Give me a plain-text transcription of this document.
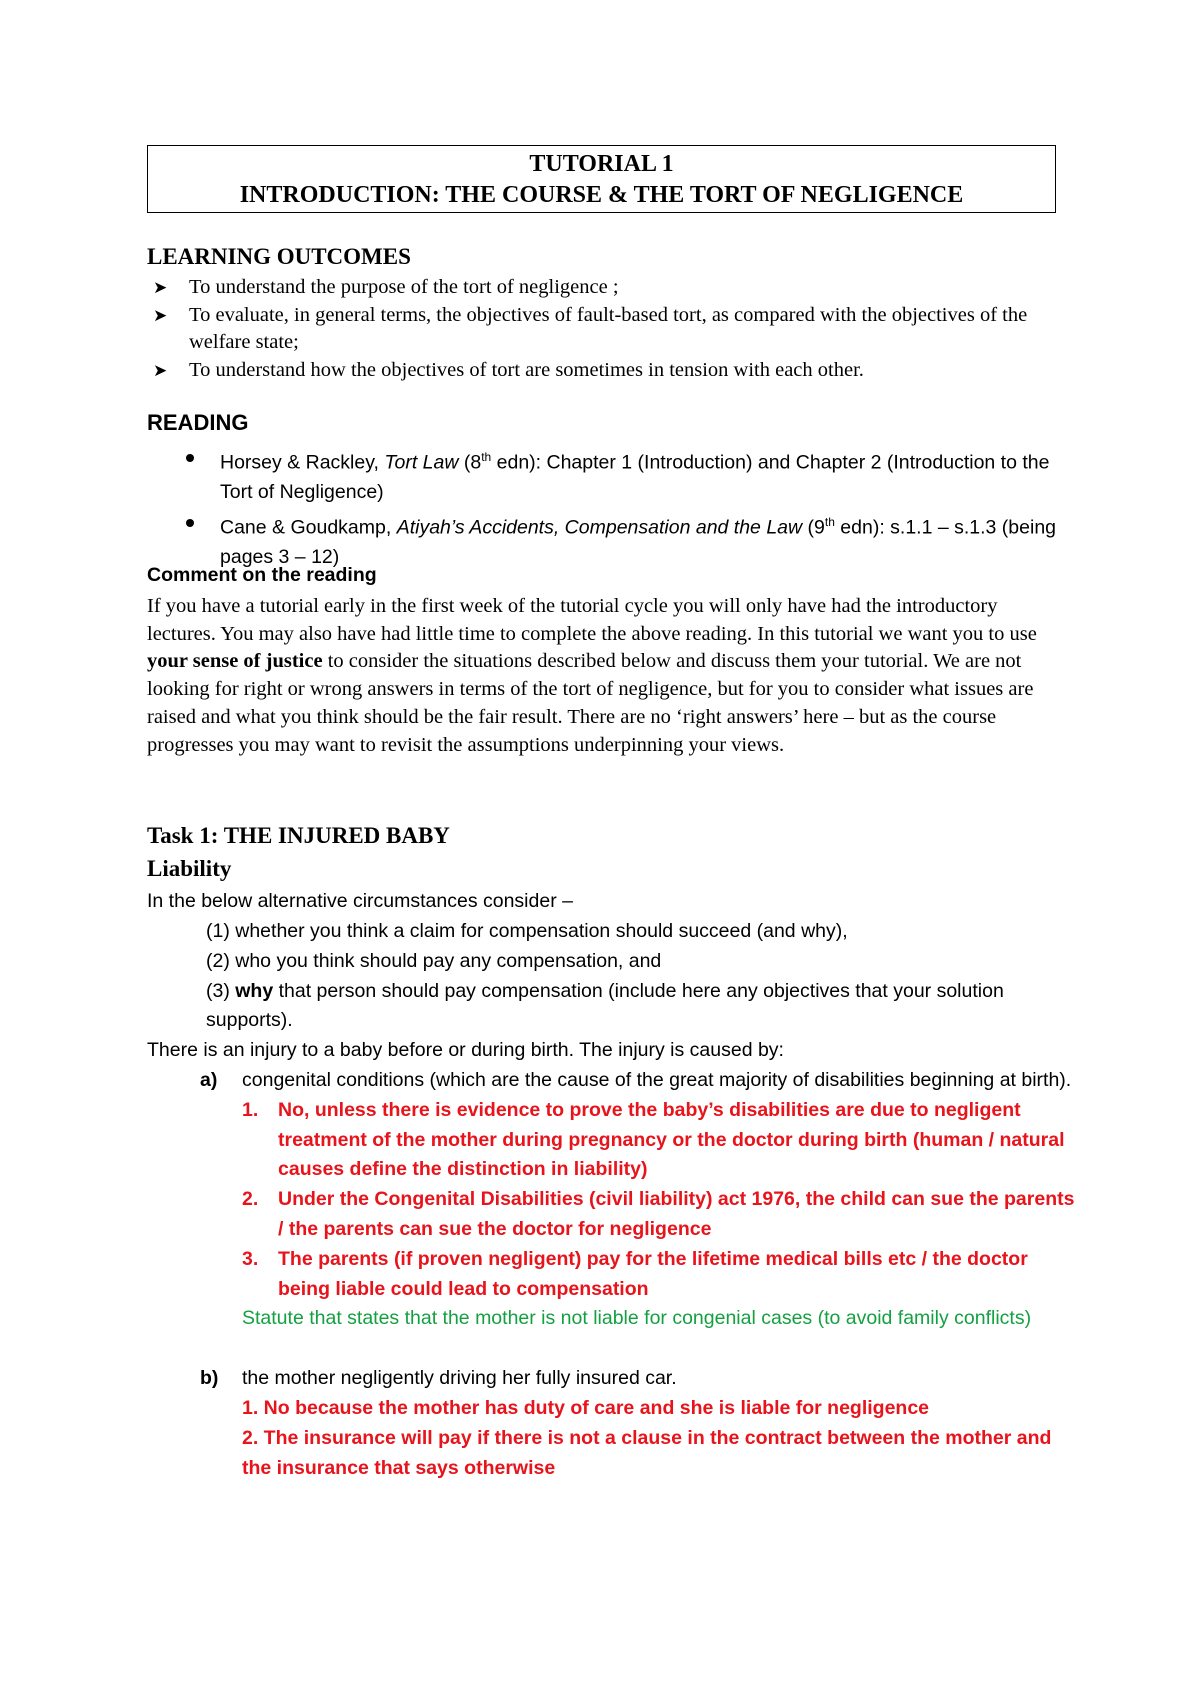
TUTORIAL 1
INTRODUCTION: THE COURSE & THE TORT OF NEGLIGENCE
LEARNING OUTCOMES
➤ To understand the purpose of the tort of negligence ;
➤ To evaluate, in general terms, the objectives of fault-based tort, as compared with the objectives of the welfare state;
➤ To understand how the objectives of tort are sometimes in tension with each other.
READING
Horsey & Rackley, Tort Law (8th edn): Chapter 1 (Introduction) and Chapter 2 (Introduction to the Tort of Negligence)
Cane & Goudkamp, Atiyah’s Accidents, Compensation and the Law (9th edn): s.1.1 – s.1.3 (being pages 3 – 12)
Comment on the reading

If you have a tutorial early in the first week of the tutorial cycle you will only have had the introductory lectures. You may also have had little time to complete the above reading. In this tutorial we want you to use your sense of justice to consider the situations described below and discuss them your tutorial. We are not looking for right or wrong answers in terms of the tort of negligence, but for you to consider what issues are raised and what you think should be the fair result. There are no ‘right answers’ here – but as the course progresses you may want to revisit the assumptions underpinning your views.

Task 1: THE INJURED BABY
Liability
In the below alternative circumstances consider –
(1) whether you think a claim for compensation should succeed (and why),
(2) who you think should pay any compensation, and
(3) why that person should pay compensation (include here any objectives that your solution supports).
There is an injury to a baby before or during birth. The injury is caused by:
a) congenital conditions (which are the cause of the great majority of disabilities beginning at birth).
1. No, unless there is evidence to prove the baby’s disabilities are due to negligent treatment of the mother during pregnancy or the doctor during birth (human / natural causes define the distinction in liability)
2. Under the Congenital Disabilities (civil liability) act 1976, the child can sue the parents / the parents can sue the doctor for negligence
3. The parents (if proven negligent) pay for the lifetime medical bills etc / the doctor being liable could lead to compensation
Statute that states that the mother is not liable for congenial cases (to avoid family conflicts)
b) the mother negligently driving her fully insured car.
1. No because the mother has duty of care and she is liable for negligence
2. The insurance will pay if there is not a clause in the contract between the mother and the insurance that says otherwise
